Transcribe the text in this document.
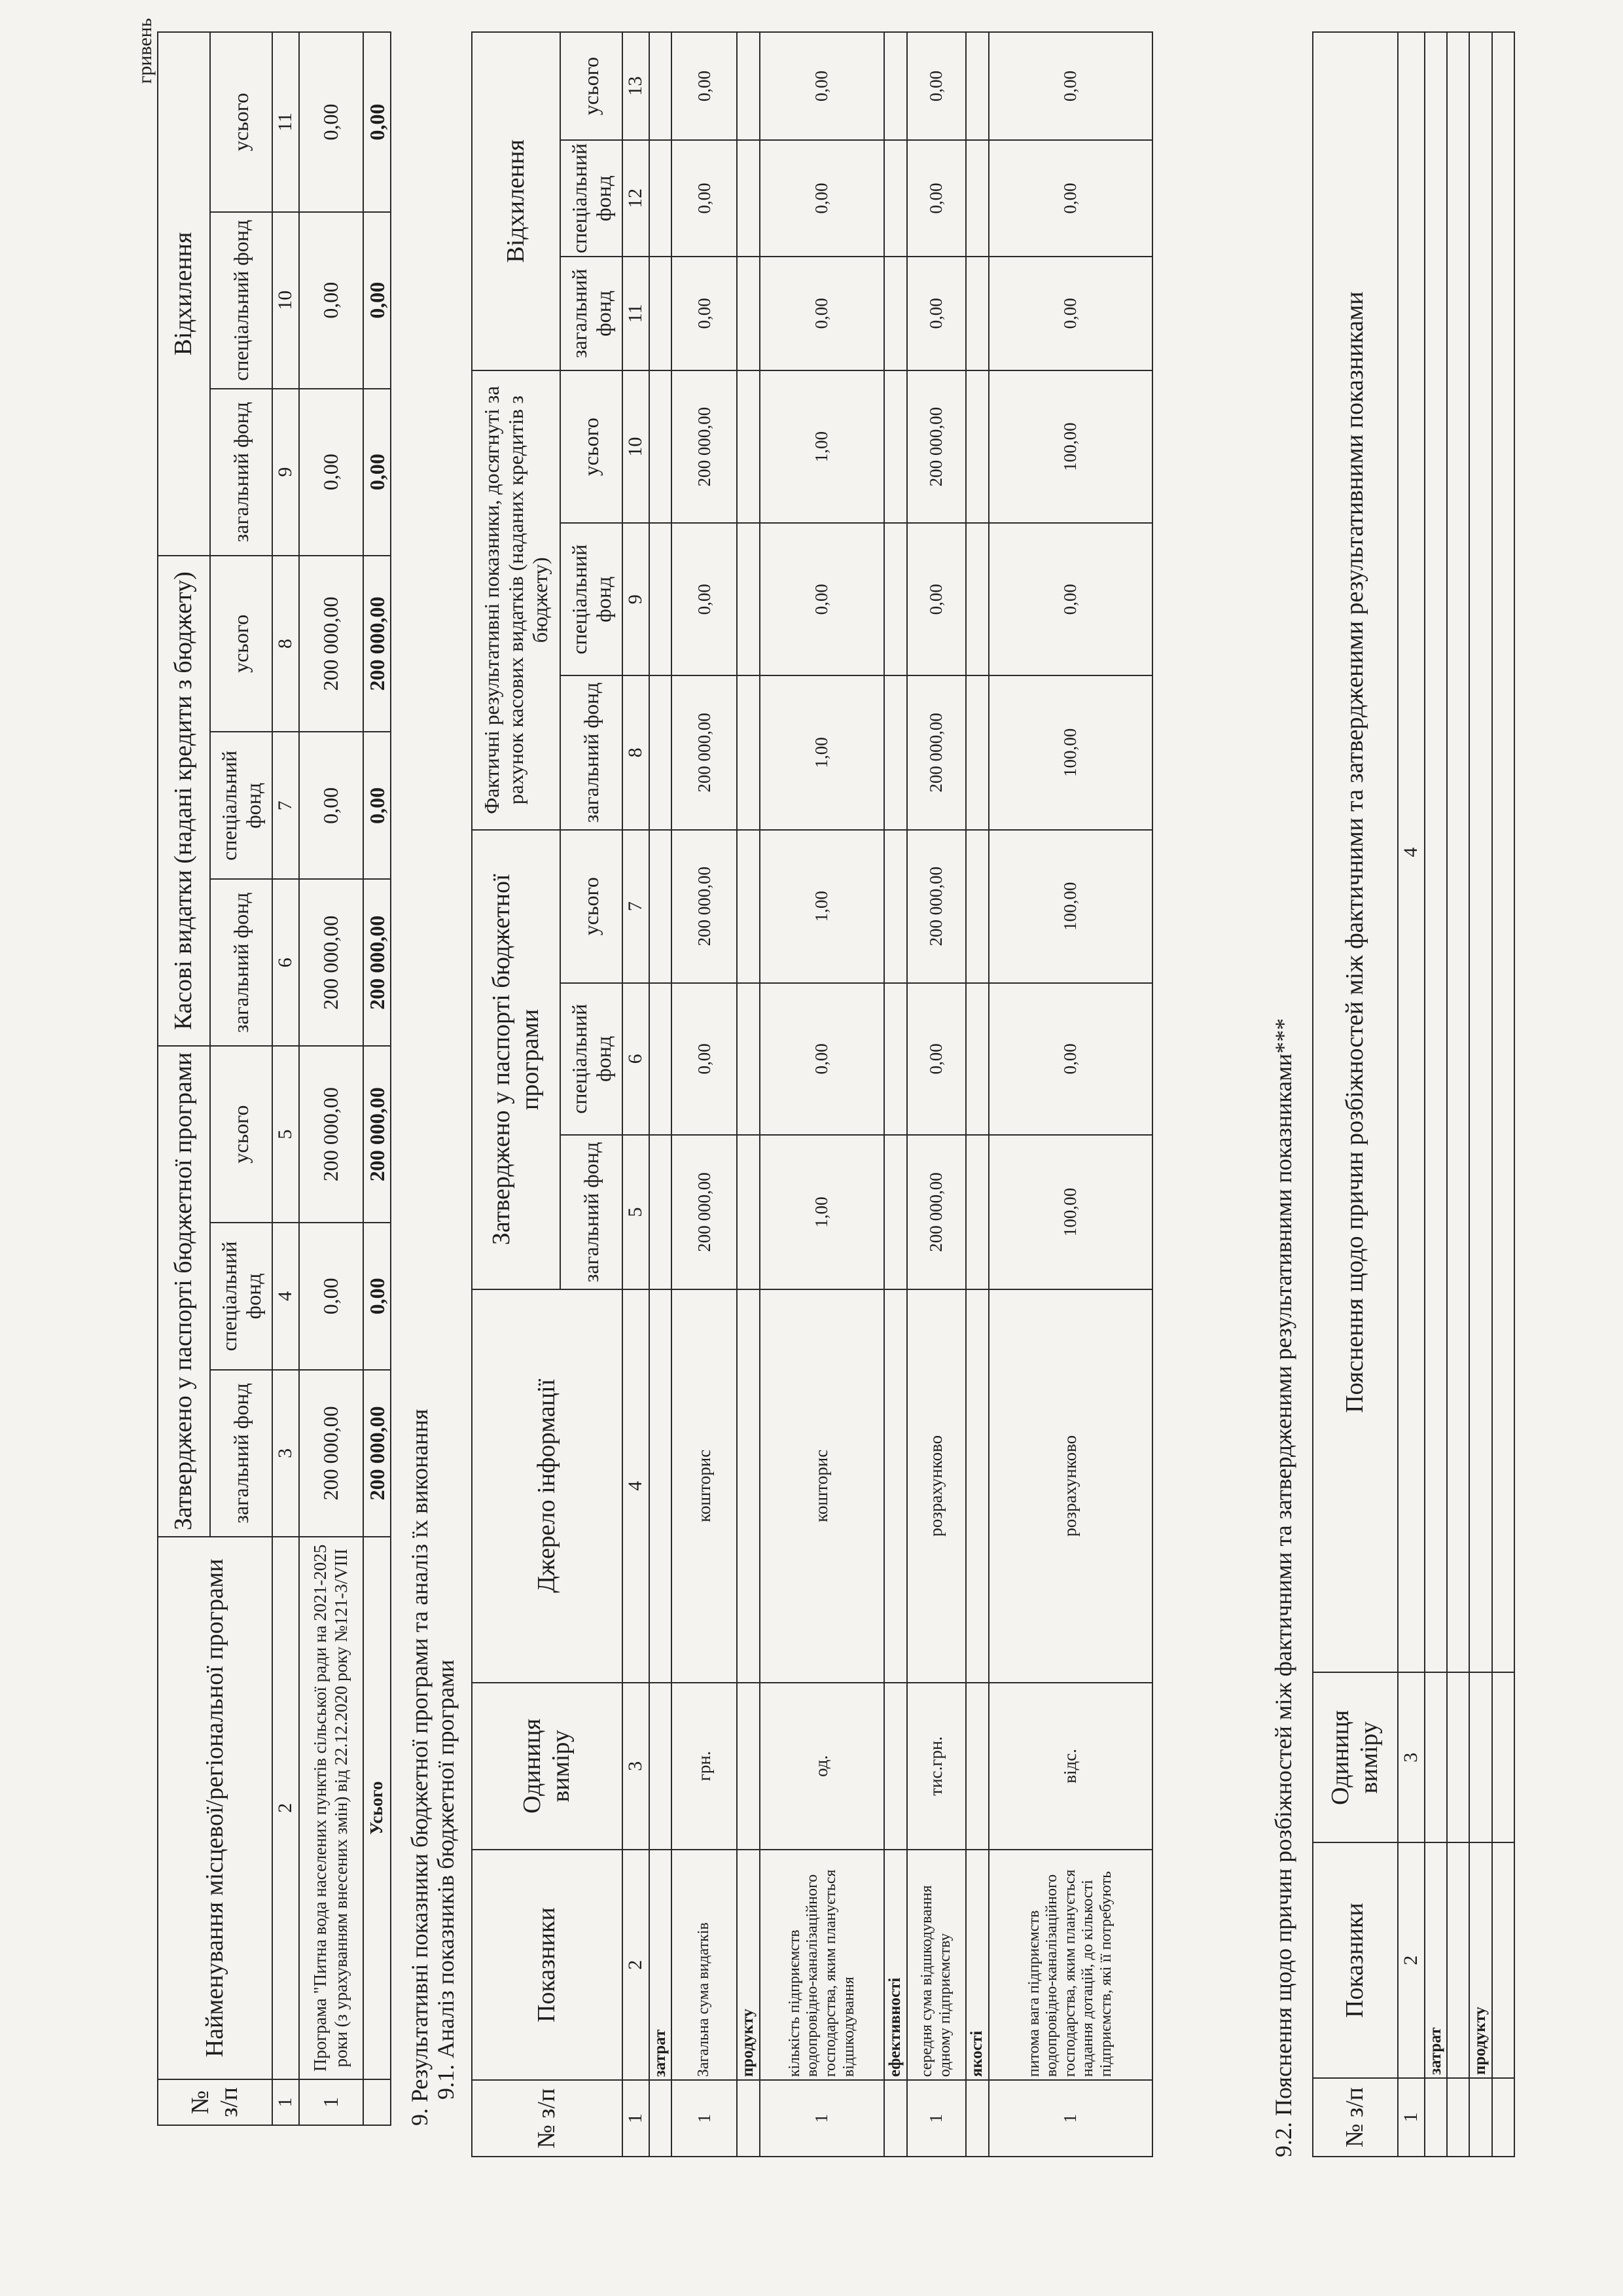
гривень
№ з/п	Найменування місцевої/регіональної програми	Затверджено у паспорті бюджетної програми			Касові видатки (надані кредити з бюджету)			Відхилення		
		загальний фонд	спеціальний фонд	усього	загальний фонд	спеціальний фонд	усього	загальний фонд	спеціальний фонд	усього
1	2	3	4	5	6	7	8	9	10	11
1	Програма "Питна вода населених пунктів сільської ради на 2021-2025 роки (з урахуванням внесених змін) від 22.12.2020 року №121-3/VIII	200 000,00	0,00	200 000,00	200 000,00	0,00	200 000,00	0,00	0,00	0,00
	Усього	200 000,00	0,00	200 000,00	200 000,00	0,00	200 000,00	0,00	0,00	0,00
9. Результативні показники бюджетної програми та аналіз їх виконання 9.1. Аналіз показників бюджетної програми
№ з/п	Показники	Одиниця виміру	Джерело інформації	Затверджено у паспорті бюджетної програми			Фактичні результативні показники, досягнуті за рахунок касових видатків (наданих кредитів з бюджету)			Відхилення		
				загальний фонд	спеціальний фонд	усього	загальний фонд	спеціальний фонд	усього	загальний фонд	спеціальний фонд	усього
1	2	3	4	5	6	7	8	9	10	11	12	13
	затрат											
1	Загальна сума видатків	грн.	кошторис	200 000,00	0,00	200 000,00	200 000,00	0,00	200 000,00	0,00	0,00	0,00
	продукту											
1	кількість підприємств водопровідно-каналізаційного господарства, яким планується відшкодування	од.	кошторис	1,00	0,00	1,00	1,00	0,00	1,00	0,00	0,00	0,00
	ефективності											
1	середня сума відшкодування одному підприємству	тис.грн.	розрахунково	200 000,00	0,00	200 000,00	200 000,00	0,00	200 000,00	0,00	0,00	0,00
	якості											
1	питома вага підприємств водопровідно-каналізаційного господарства, яким планується надання дотацій, до кількості підприємств, які її потребують	відс.	розрахунково	100,00	0,00	100,00	100,00	0,00	100,00	0,00	0,00	0,00
9.2. Пояснення щодо причин розбіжностей між фактичними та затвердженими результативними показниками*** № з/п	Показники	Одиниця виміру	Пояснення щодо причин розбіжностей між фактичними та затвердженими результативними показниками
1	2	3	4
	затрат		

	продукту		
